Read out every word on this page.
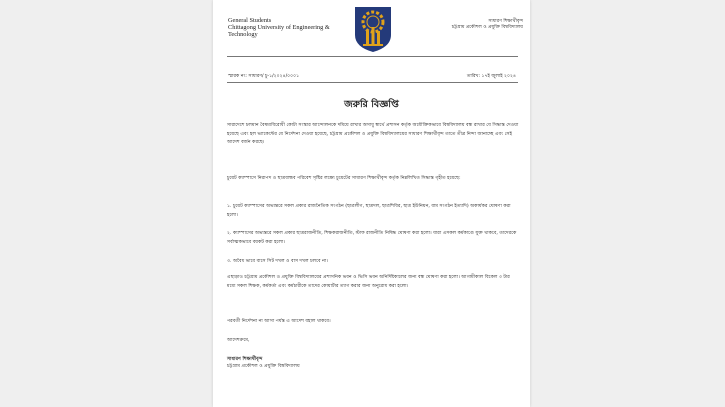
General Students
Chittagong University of Engineering &
Technology
সাধারণ শিক্ষার্থীবৃন্দ
চট্টগ্রাম প্রকৌশল ও প্রযুক্তি বিশ্ববিদ্যালয়
স্মারক নং: সাধারণ/ চু-১/২০২৪/০০০১	তারিখ: ১৭ই জুলাই ২০২৪
জরুরি বিজ্ঞপ্তি
সারাদেশে চলমান বৈষম্যবিরোধী কোটা সংস্কার আন্দোলনকে দমিয়ে রাখার অসাধু স্বার্থে প্রশাসন কর্তৃক অযৌক্তিকভাবে বিশ্ববিদ্যালয় বন্ধ রাখার যে সিদ্ধান্ত দেওয়া হয়েছে এবং হল ভ্যাকেন্টের যে নির্দেশনা দেওয়া হয়েছে, চট্টগ্রাম প্রকৌশল ও প্রযুক্তি বিশ্ববিদ্যালয়ের সাধারণ শিক্ষার্থীবৃন্দ তাতে তীব্র নিন্দা জানাচ্ছে এবং সেই আদেশ বর্জন করছে।
চুয়েট ক্যাম্পাসে নিরাপদ ও ছাত্রবান্ধব পরিবেশ সৃষ্টির লক্ষ্যে চুয়েটের সাধারণ শিক্ষার্থীবৃন্দ কর্তৃক নিম্নলিখিত সিদ্ধান্ত গৃহীত হয়েছে:
১. চুয়েট ক্যাম্পাসের অভ্যন্তরে সকল প্রকার রাজনৈতিক সংগঠন (ছাত্রলীগ, ছাত্রদল, ছাত্রশিবির, ছাত্র ইউনিয়ন, বাম সংগঠন ইত্যাদি) অকার্যকর ঘোষণা করা হলো।
২. ক্যাম্পাসের অভ্যন্তরে সকল প্রকার ছাত্ররাজনীতি, শিক্ষকরাজনীতি, স্টাফ রাজনীতি নিষিদ্ধ ঘোষণা করা হলো। যারা এসকল কর্মকাণ্ডে যুক্ত থাকবে, তাদেরকে সর্বাত্মকভাবে বয়কট করা হলো।
৩. অবৈধ ভাবে বাসে সিট দখল ও বাস দখল চলবে না।
এছাড়াও চট্টগ্রাম প্রকৌশল ও প্রযুক্তি বিশ্ববিদ্যালয়ের প্রশাসনিক ভবন ও ভিসি ভবন অনির্দিষ্টকালের জন্য বন্ধ ঘোষণা করা হলো। আগামীকাল বিকেল ৩ টার মধ্যে সকল শিক্ষক, কর্মকর্তা এবং কর্মচারীকে তাদের কোয়ার্টার ত্যাগ করার জন্য অনুরোধ করা হলো।
পরবর্তী নির্দেশনা না আসা পর্যন্ত এ আদেশ বহাল থাকবে।
আদেশক্রমে,
সাধারণ শিক্ষার্থীবৃন্দ
চট্টগ্রাম প্রকৌশল ও প্রযুক্তি বিশ্ববিদ্যালয়
